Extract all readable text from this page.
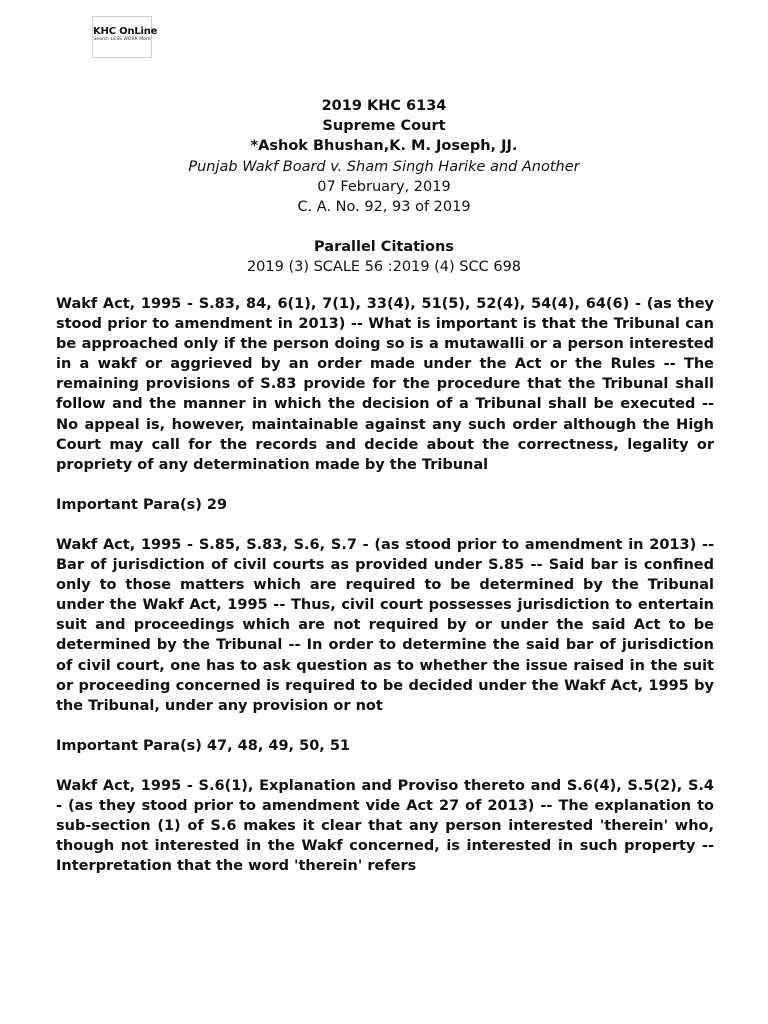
KHC OnLine
Search LESS WORK More
2019 KHC 6134
Supreme Court
*Ashok Bhushan,K. M. Joseph, JJ.
Punjab Wakf Board v. Sham Singh Harike and Another
07 February, 2019
C. A. No. 92, 93 of 2019
Parallel Citations
2019 (3) SCALE 56 :2019 (4) SCC 698

Wakf Act, 1995 - S.83, 84, 6(1), 7(1), 33(4), 51(5), 52(4), 54(4), 64(6) - (as they stood prior to amendment in 2013) -- What is important is that the Tribunal can be approached only if the person doing so is a mutawalli or a person interested in a wakf or aggrieved by an order made under the Act or the Rules -- The remaining provisions of S.83 provide for the procedure that the Tribunal shall follow and the manner in which the decision of a Tribunal shall be executed -- No appeal is, however, maintainable against any such order although the High Court may call for the records and decide about the correctness, legality or propriety of any determination made by the Tribunal

Important Para(s) 29

Wakf Act, 1995 - S.85, S.83, S.6, S.7 - (as stood prior to amendment in 2013) -- Bar of jurisdiction of civil courts as provided under S.85 -- Said bar is confined only to those matters which are required to be determined by the Tribunal under the Wakf Act, 1995 -- Thus, civil court possesses jurisdiction to entertain suit and proceedings which are not required by or under the said Act to be determined by the Tribunal -- In order to determine the said bar of jurisdiction of civil court, one has to ask question as to whether the issue raised in the suit or proceeding concerned is required to be decided under the Wakf Act, 1995 by the Tribunal, under any provision or not

Important Para(s) 47, 48, 49, 50, 51

Wakf Act, 1995 - S.6(1), Explanation and Proviso thereto and S.6(4), S.5(2), S.4 - (as they stood prior to amendment vide Act 27 of 2013) -- The explanation to sub-section (1) of S.6 makes it clear that any person interested 'therein' who, though not interested in the Wakf concerned, is interested in such property -- Interpretation that the word 'therein' refers
